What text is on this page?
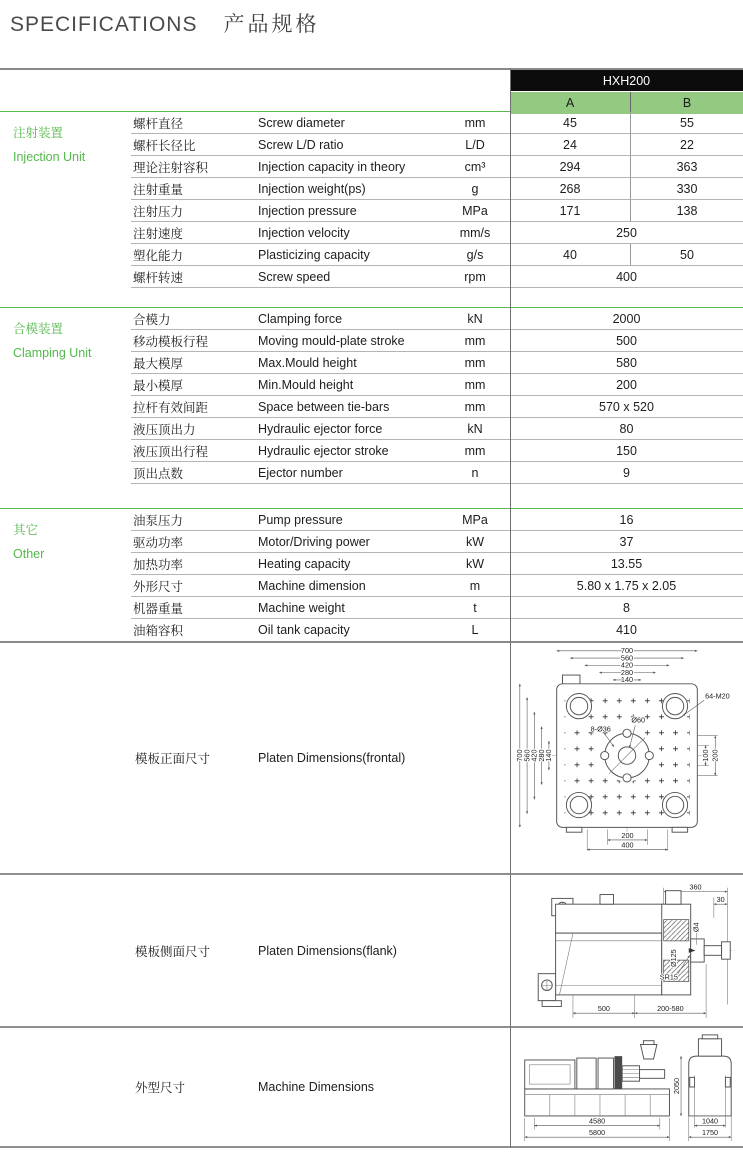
SPECIFICATIONS 产品规格
HXH200
A	B
注射装置
Injection Unit
螺杆直径	Screw diameter	mm	45	55
螺杆长径比	Screw L/D ratio	L/D	24	22
理论注射容积	Injection capacity in theory	cm³	294	363
注射重量	Injection weight(ps)	g	268	330
注射压力	Injection pressure	MPa	171	138
注射速度	Injection velocity	mm/s	250
塑化能力	Plasticizing capacity	g/s	40	50
螺杆转速	Screw speed	rpm	400
合模装置
Clamping Unit
合模力	Clamping force	kN	2000
移动模板行程	Moving mould-plate stroke	mm	500
最大模厚	Max.Mould height	mm	580
最小模厚	Min.Mould height	mm	200
拉杆有效间距	Space between tie-bars	mm	570 x 520
液压顶出力	Hydraulic ejector force	kN	80
液压顶出行程	Hydraulic ejector stroke	mm	150
顶出点数	Ejector number	n	9
其它
Other
油泵压力	Pump pressure	MPa	16
驱动功率	Motor/Driving power	kW	37
加热功率	Heating capacity	kW	13.55
外形尺寸	Machine dimension	m	5.80 x 1.75 x 2.05
机器重量	Machine weight	t	8
油箱容积	Oil tank capacity	L	410
模板正面尺寸	Platen Dimensions(frontal)
700
560
420
280
140
700
560
420
280
140
200
400
100 200
8-Ø36
Ø60
64-M20
模板侧面尺寸	Platen Dimensions(flank)
360
30
Ø4
Ø125
SR15
500	200-580
外型尺寸	Machine Dimensions
4580
5800
2050
1040
1750
